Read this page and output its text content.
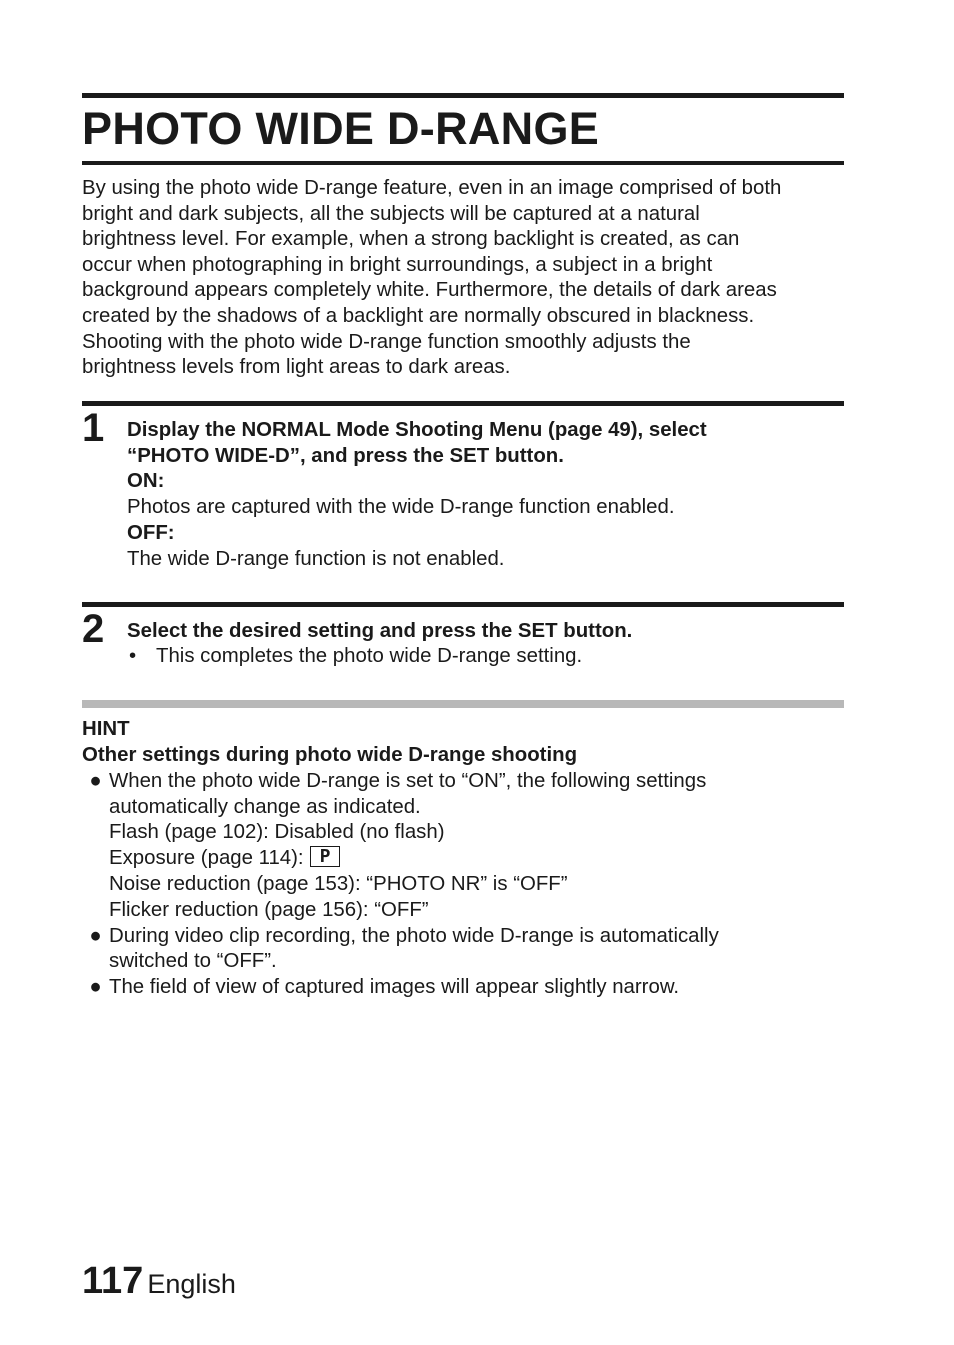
PHOTO WIDE D-RANGE
By using the photo wide D-range feature, even in an image comprised of both
bright and dark subjects, all the subjects will be captured at a natural
brightness level. For example, when a strong backlight is created, as can
occur when photographing in bright surroundings, a subject in a bright
background appears completely white. Furthermore, the details of dark areas
created by the shadows of a backlight are normally obscured in blackness.
Shooting with the photo wide D-range function smoothly adjusts the
brightness levels from light areas to dark areas.
1 Display the NORMAL Mode Shooting Menu (page 49), select
“PHOTO WIDE-D”, and press the SET button.
ON:
Photos are captured with the wide D-range function enabled.
OFF:
The wide D-range function is not enabled.
2 Select the desired setting and press the SET button.
• This completes the photo wide D-range setting.
HINT
Other settings during photo wide D-range shooting
● When the photo wide D-range is set to “ON”, the following settings
automatically change as indicated.
Flash (page 102): Disabled (no flash)
Exposure (page 114): P
Noise reduction (page 153): “PHOTO NR” is “OFF”
Flicker reduction (page 156): “OFF”
● During video clip recording, the photo wide D-range is automatically
switched to “OFF”.
● The field of view of captured images will appear slightly narrow.
117 English
